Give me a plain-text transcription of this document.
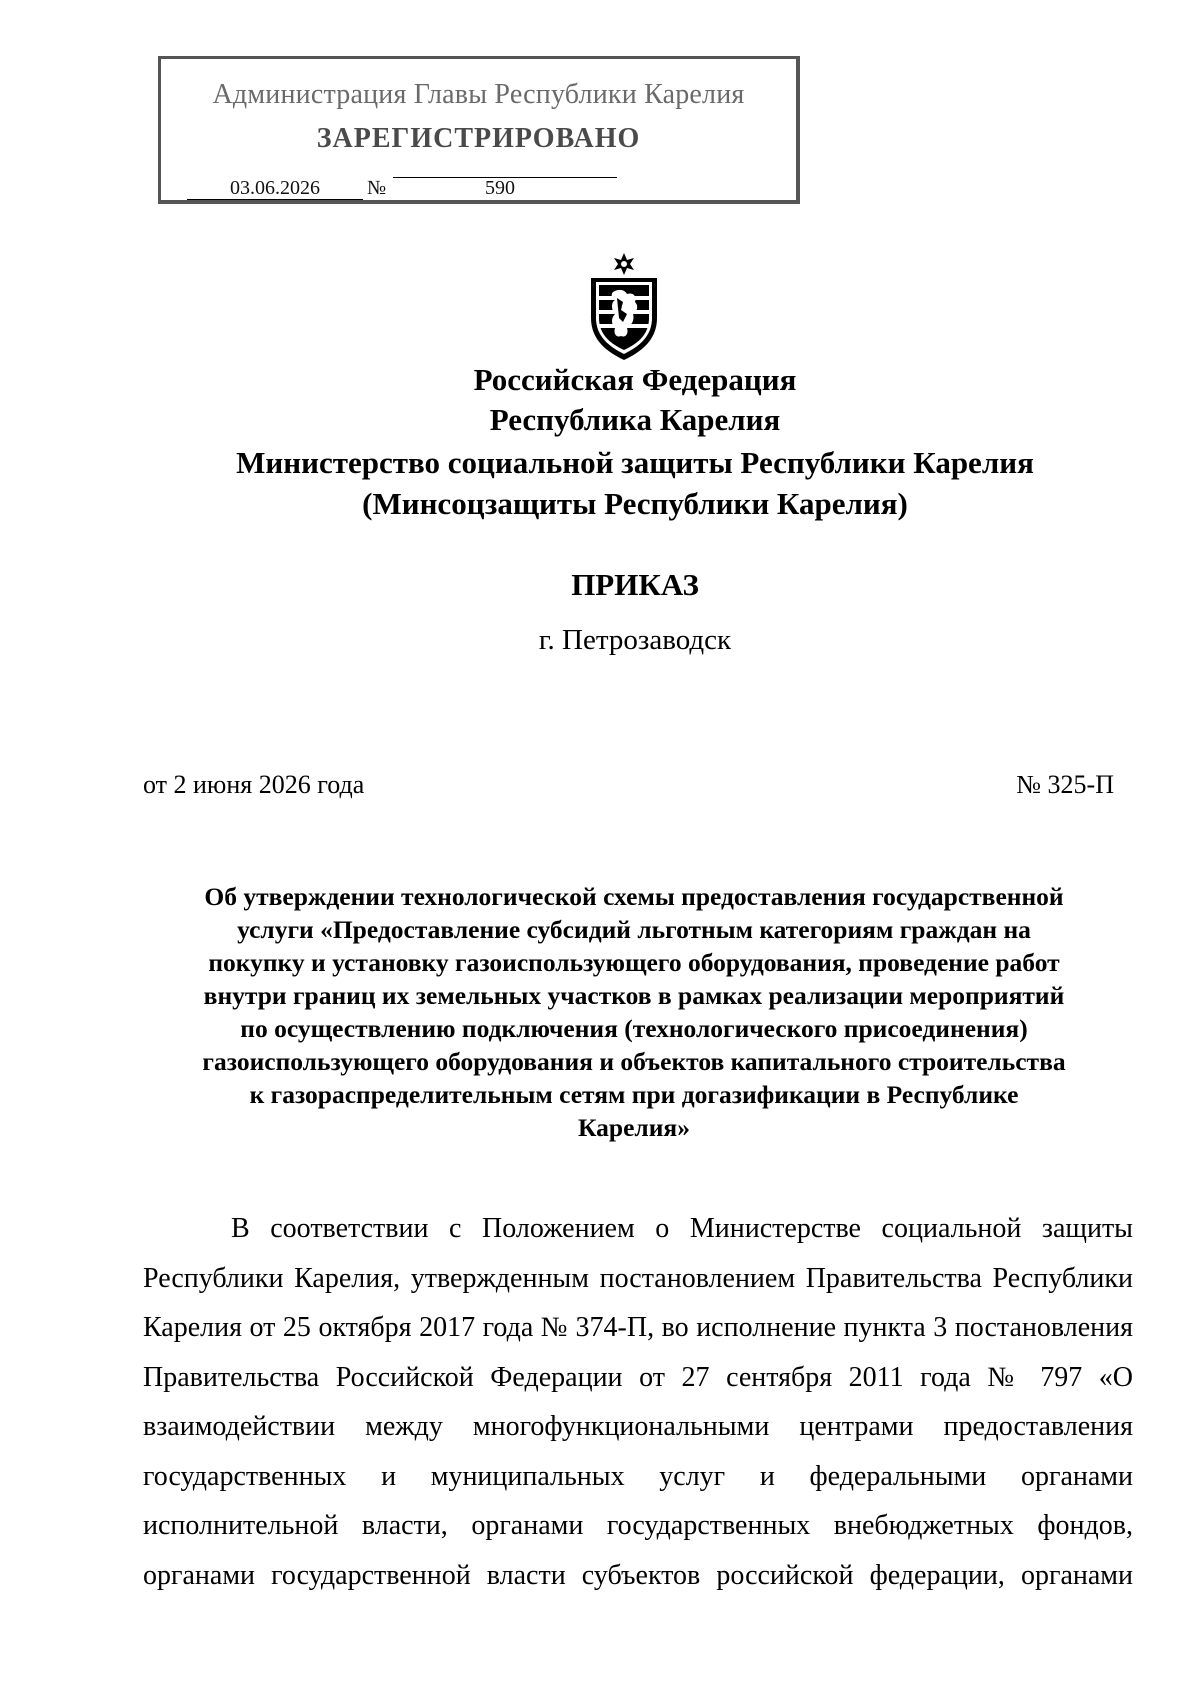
Администрация Главы Республики Карелия
ЗАРЕГИСТРИРОВАНО
03.06.2026	№	590
Российская Федерация
Республика Карелия
Министерство социальной защиты Республики Карелия
(Минсоцзащиты Республики Карелия)
ПРИКАЗ
г. Петрозаводск
от 2 июня 2026 года	№ 325-П
Об утверждении технологической схемы предоставления государственной
услуги «Предоставление субсидий льготным категориям граждан на
покупку и установку газоиспользующего оборудования, проведение работ
внутри границ их земельных участков в рамках реализации мероприятий
по осуществлению подключения (технологического присоединения)
газоиспользующего оборудования и объектов капитального строительства
к газораспределительным сетям при догазификации в Республике
Карелия»
В соответствии с Положением о Министерстве социальной защиты
Республики Карелия, утвержденным постановлением Правительства Республики
Карелия от 25 октября 2017 года № 374-П, во исполнение пункта 3 постановления
Правительства Российской Федерации от 27 сентября 2011 года № 797 «О
взаимодействии между многофункциональными центрами предоставления
государственных и муниципальных услуг и федеральными органами
исполнительной власти, органами государственных внебюджетных фондов,
органами государственной власти субъектов российской федерации, органами
